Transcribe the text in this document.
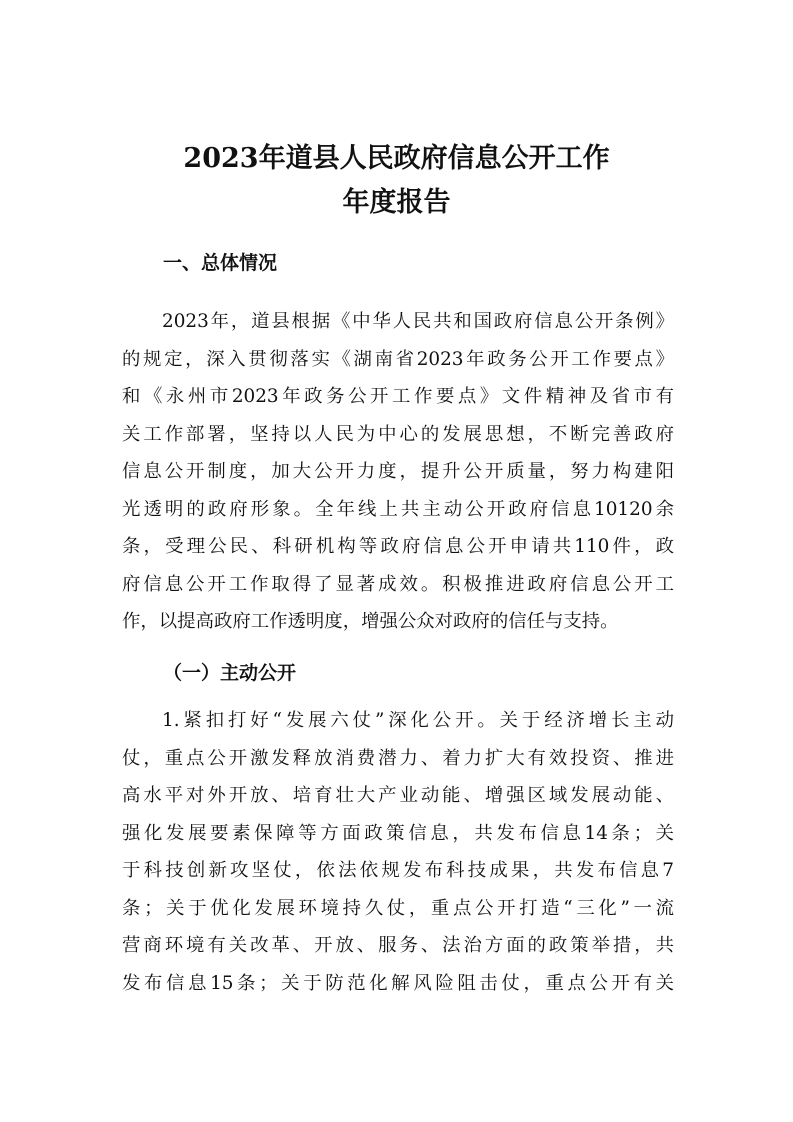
2023年道县人民政府信息公开工作
年度报告
一、总体情况
2023年，道县根据《中华人民共和国政府信息公开条例》
的规定，深入贯彻落实《湖南省2023年政务公开工作要点》
和《永州市2023年政务公开工作要点》文件精神及省市有
关工作部署，坚持以人民为中心的发展思想，不断完善政府
信息公开制度，加大公开力度，提升公开质量，努力构建阳
光透明的政府形象。全年线上共主动公开政府信息10120余
条，受理公民、科研机构等政府信息公开申请共110件，政
府信息公开工作取得了显著成效。积极推进政府信息公开工
作，以提高政府工作透明度，增强公众对政府的信任与支持。
（一）主动公开
1.紧扣打好“发展六仗”深化公开。关于经济增长主动
仗，重点公开激发释放消费潜力、着力扩大有效投资、推进
高水平对外开放、培育壮大产业动能、增强区域发展动能、
强化发展要素保障等方面政策信息，共发布信息14条；关
于科技创新攻坚仗，依法依规发布科技成果，共发布信息7
条；关于优化发展环境持久仗，重点公开打造“三化”一流
营商环境有关改革、开放、服务、法治方面的政策举措，共
发布信息15条；关于防范化解风险阻击仗，重点公开有关
